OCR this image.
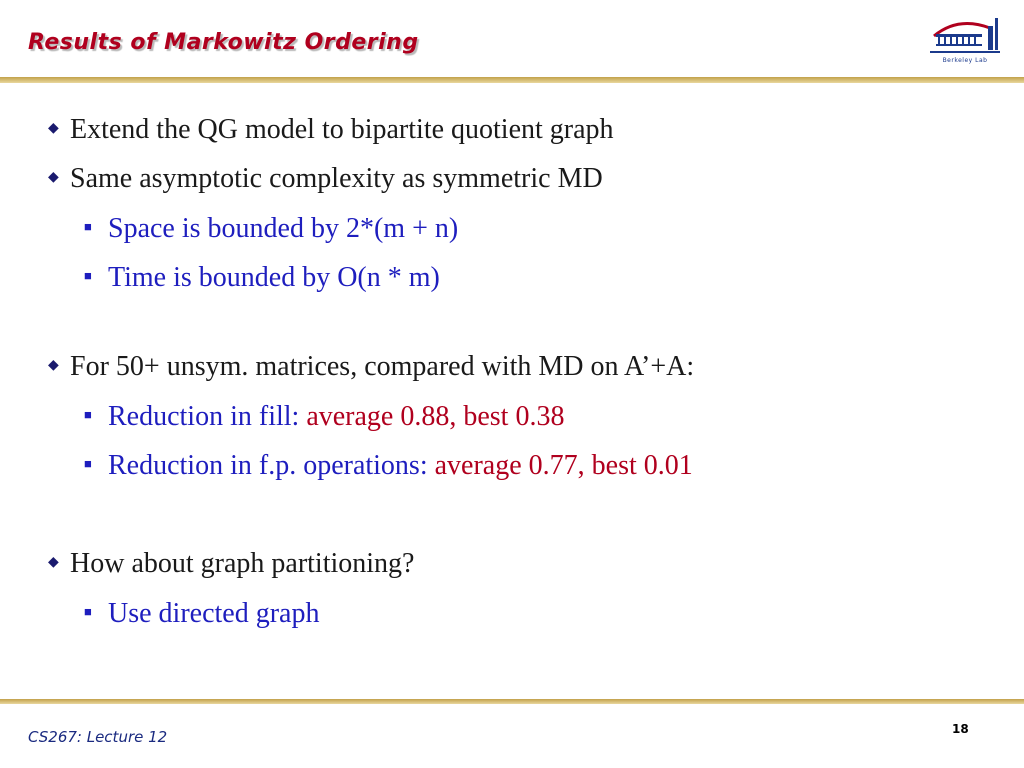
Results of Markowitz Ordering
Berkeley Lab
◆ Extend the QG model to bipartite quotient graph
◆ Same asymptotic complexity as symmetric MD
■ Space is bounded by 2*(m + n)
■ Time is bounded by O(n * m)
◆ For 50+ unsym. matrices, compared with MD on A’+A:
■ Reduction in fill: average 0.88, best 0.38
■ Reduction in f.p. operations: average 0.77, best 0.01
◆ How about graph partitioning?
■ Use directed graph
CS267: Lecture 12	18
